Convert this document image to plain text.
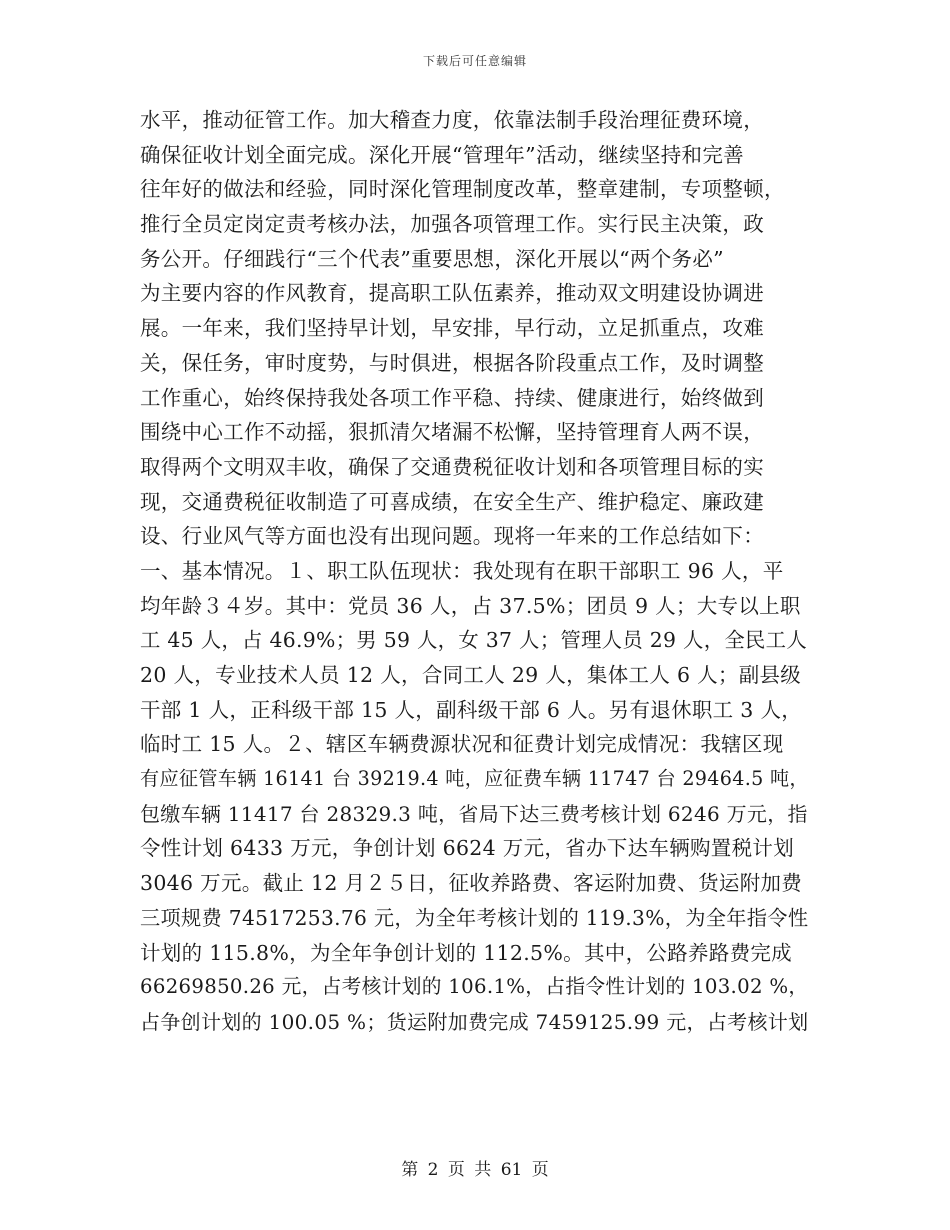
下载后可任意编辑
水平，推动征管工作。加大稽查力度，依靠法制手段治理征费环境，
确保征收计划全面完成。深化开展“管理年”活动，继续坚持和完善
往年好的做法和经验，同时深化管理制度改革，整章建制，专项整顿，
推行全员定岗定责考核办法，加强各项管理工作。实行民主决策，政
务公开。仔细践行“三个代表”重要思想，深化开展以“两个务必”
为主要内容的作风教育，提高职工队伍素养，推动双文明建设协调进
展。一年来，我们坚持早计划，早安排，早行动，立足抓重点，攻难
关，保任务，审时度势，与时俱进，根据各阶段重点工作，及时调整
工作重心，始终保持我处各项工作平稳、持续、健康进行，始终做到
围绕中心工作不动摇，狠抓清欠堵漏不松懈，坚持管理育人两不误，
取得两个文明双丰收，确保了交通费税征收计划和各项管理目标的实
现，交通费税征收制造了可喜成绩，在安全生产、维护稳定、廉政建
设、行业风气等方面也没有出现问题。现将一年来的工作总结如下：
一、基本情况。１、职工队伍现状：我处现有在职干部职工 96 人，平
均年龄３４岁。其中：党员 36 人，占 37.5%；团员 9 人；大专以上职
工 45 人，占 46.9%；男 59 人，女 37 人；管理人员 29 人，全民工人
20 人，专业技术人员 12 人，合同工人 29 人，集体工人 6 人；副县级
干部 1 人，正科级干部 15 人，副科级干部 6 人。另有退休职工 3 人，
临时工 15 人。２、辖区车辆费源状况和征费计划完成情况：我辖区现
有应征管车辆 16141 台 39219.4 吨，应征费车辆 11747 台 29464.5 吨，
包缴车辆 11417 台 28329.3 吨，省局下达三费考核计划 6246 万元，指
令性计划 6433 万元，争创计划 6624 万元，省办下达车辆购置税计划
3046 万元。截止 12 月２５日，征收养路费、客运附加费、货运附加费
三项规费 74517253.76 元，为全年考核计划的 119.3%，为全年指令性
计划的 115.8%，为全年争创计划的 112.5%。其中，公路养路费完成
66269850.26 元，占考核计划的 106.1%，占指令性计划的 103.02 %，
占争创计划的 100.05 %；货运附加费完成 7459125.99 元，占考核计划
第 2 页 共 61 页
